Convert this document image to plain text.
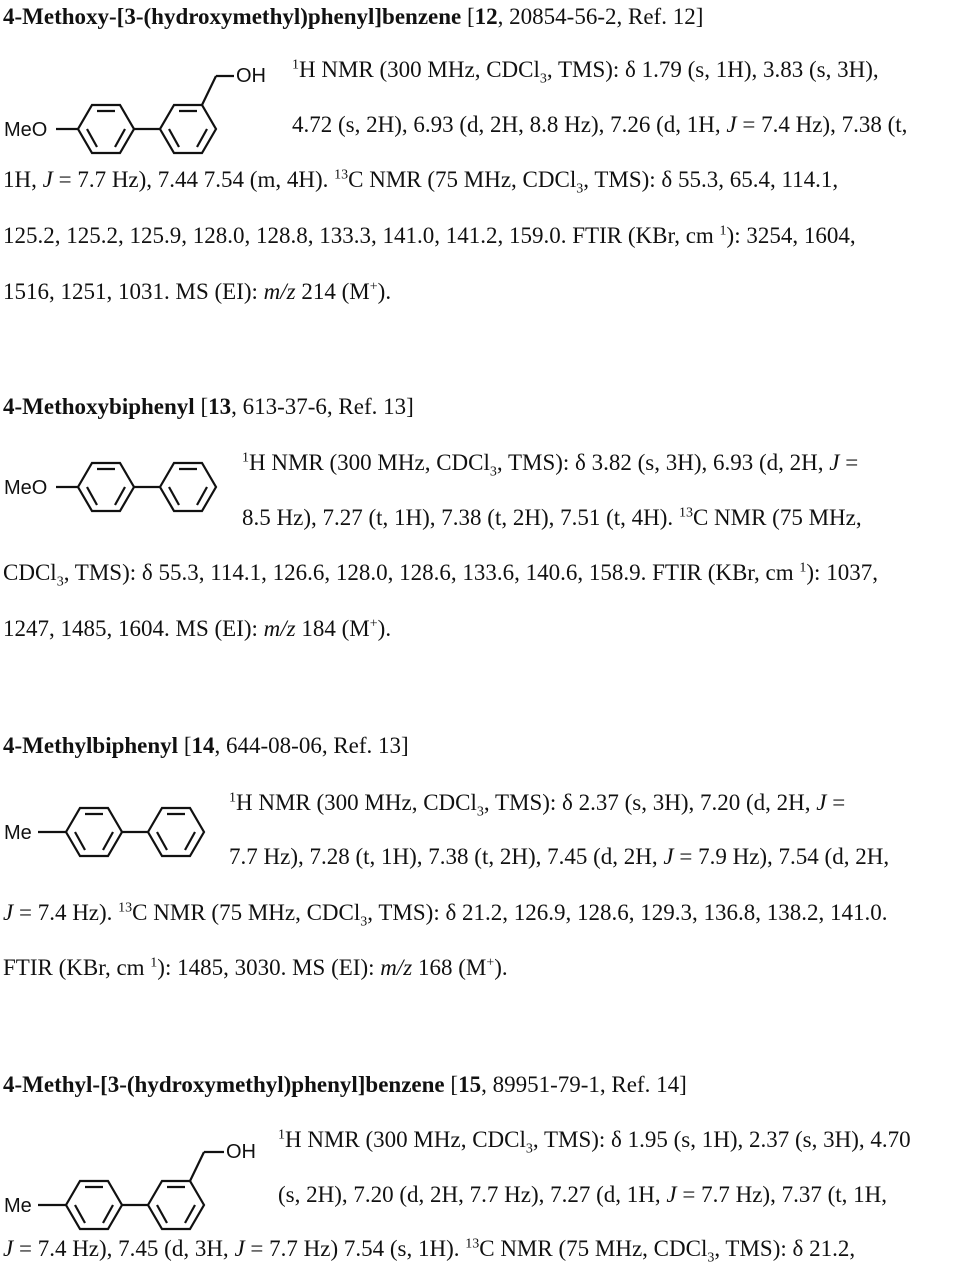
4-Methoxy-[3-(hydroxymethyl)phenyl]benzene [12, 20854-56-2, Ref. 12]
MeO
OH
$^1$H NMR (300 MHz, CDCl$_3$, TMS): δ 1.79 (s, 1H), 3.83 (s, 3H),
4.72 (s, 2H), 6.93 (d, 2H, 8.8 Hz), 7.26 (d, 1H, J = 7.4 Hz), 7.38 (t,
1H, J = 7.7 Hz), 7.44 7.54 (m, 4H). $^{13}$C NMR (75 MHz, CDCl$_3$, TMS): δ 55.3, 65.4, 114.1,
125.2, 125.2, 125.9, 128.0, 128.8, 133.3, 141.0, 141.2, 159.0. FTIR (KBr, cm $^1$): 3254, 1604,
1516, 1251, 1031. MS (EI): m/z 214 (M+).
4-Methoxybiphenyl [13, 613-37-6, Ref. 13]
MeO
$^1$H NMR (300 MHz, CDCl$_3$, TMS): δ 3.82 (s, 3H), 6.93 (d, 2H, J =
8.5 Hz), 7.27 (t, 1H), 7.38 (t, 2H), 7.51 (t, 4H). $^{13}$C NMR (75 MHz,
CDCl$_3$, TMS): δ 55.3, 114.1, 126.6, 128.0, 128.6, 133.6, 140.6, 158.9. FTIR (KBr, cm $^1$): 1037,
1247, 1485, 1604. MS (EI): m/z 184 (M+).
4-Methylbiphenyl [14, 644-08-06, Ref. 13]
Me
$^1$H NMR (300 MHz, CDCl$_3$, TMS): δ 2.37 (s, 3H), 7.20 (d, 2H, J =
7.7 Hz), 7.28 (t, 1H), 7.38 (t, 2H), 7.45 (d, 2H, J = 7.9 Hz), 7.54 (d, 2H,
J = 7.4 Hz). $^{13}$C NMR (75 MHz, CDCl$_3$, TMS): δ 21.2, 126.9, 128.6, 129.3, 136.8, 138.2, 141.0.
FTIR (KBr, cm $^1$): 1485, 3030. MS (EI): m/z 168 (M+).
4-Methyl-[3-(hydroxymethyl)phenyl]benzene [15, 89951-79-1, Ref. 14]
Me
OH
$^1$H NMR (300 MHz, CDCl$_3$, TMS): δ 1.95 (s, 1H), 2.37 (s, 3H), 4.70
(s, 2H), 7.20 (d, 2H, 7.7 Hz), 7.27 (d, 1H, J = 7.7 Hz), 7.37 (t, 1H,
J = 7.4 Hz), 7.45 (d, 3H, J = 7.7 Hz) 7.54 (s, 1H). $^{13}$C NMR (75 MHz, CDCl$_3$, TMS): δ 21.2,
